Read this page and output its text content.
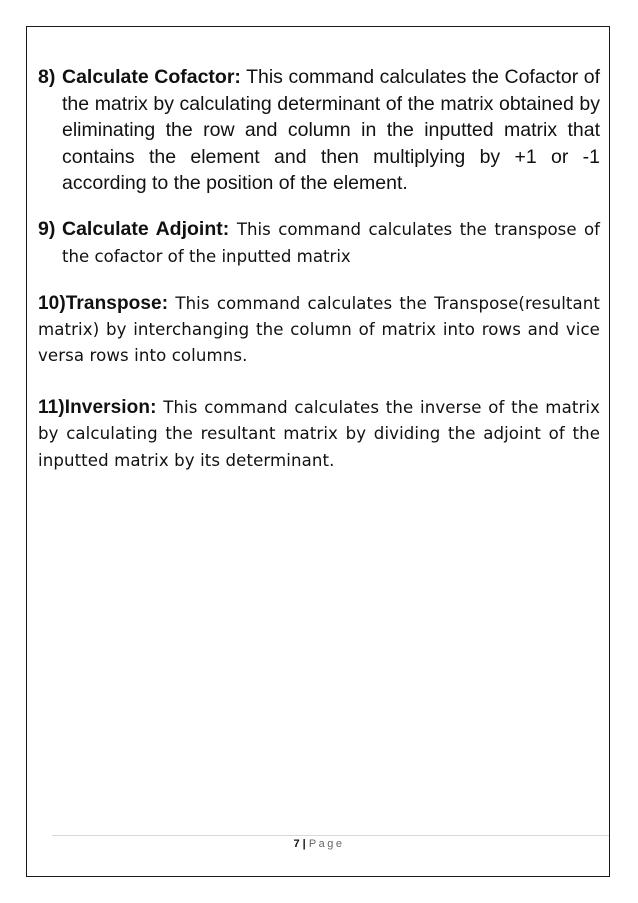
8) Calculate Cofactor: This command calculates the Cofactor of the matrix by calculating determinant of the matrix obtained by eliminating the row and column in the inputted matrix that contains the element and then multiplying by +1 or -1 according to the position of the element.
9) Calculate Adjoint: This command calculates the transpose of the cofactor of the inputted matrix
10)Transpose: This command calculates the Transpose(resultant matrix) by interchanging the column of matrix into rows and vice versa rows into columns.
11)Inversion: This command calculates the inverse of the matrix by calculating the resultant matrix by dividing the adjoint of the inputted matrix by its determinant.
7 | Page
